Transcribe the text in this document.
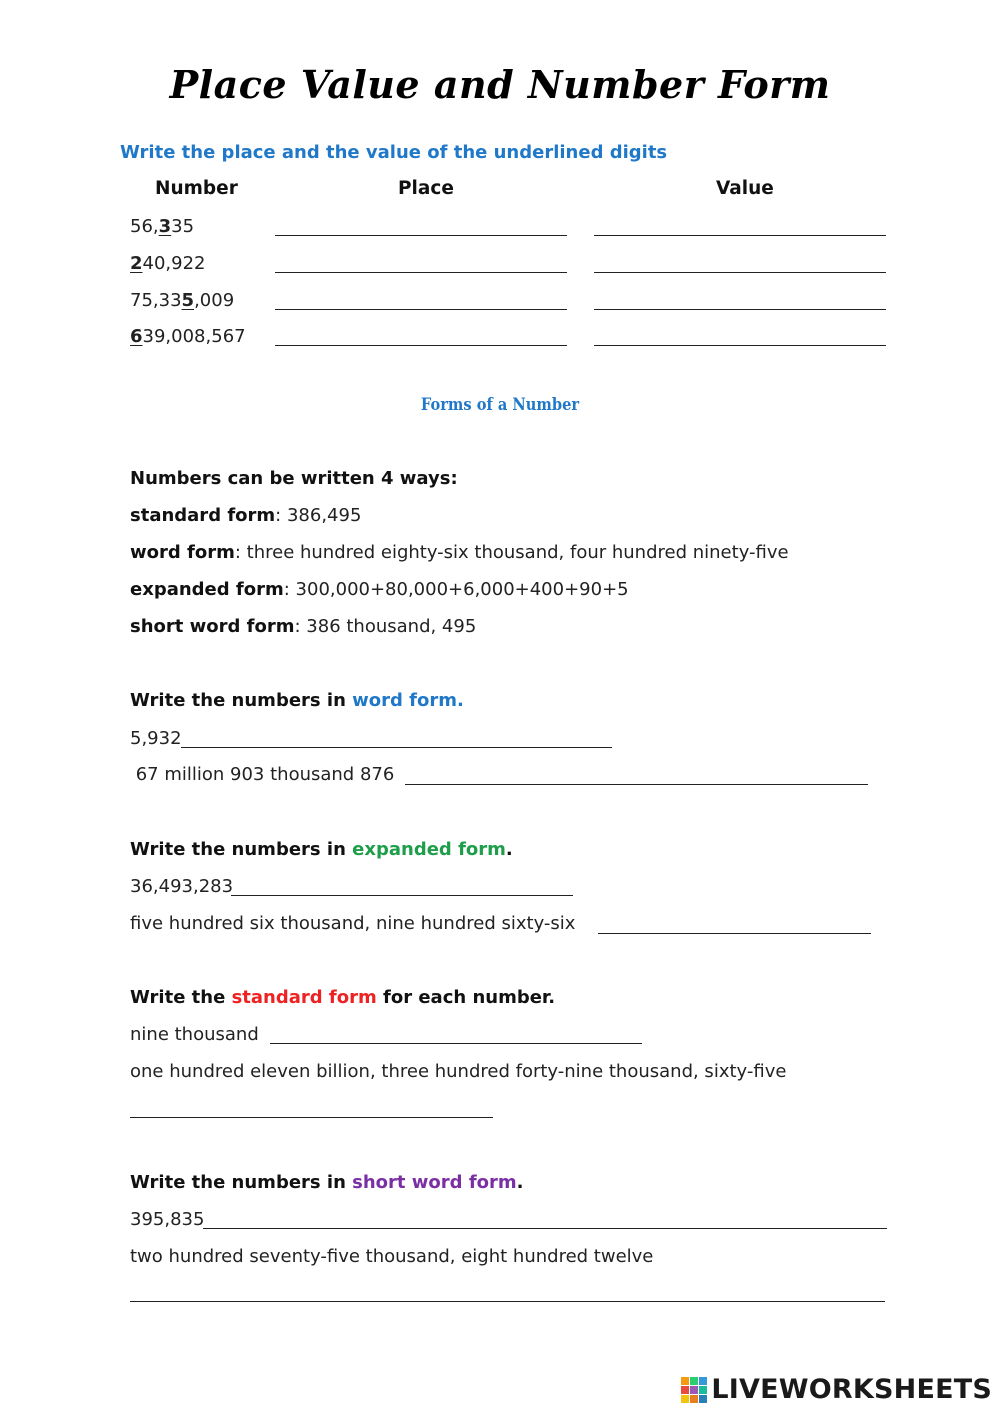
Place Value and Number Form
Write the place and the value of the underlined digits
Number	Place	Value
56,335
240,922
75,335,009
639,008,567
Forms of a Number
Numbers can be written 4 ways:
standard form: 386,495
word form: three hundred eighty-six thousand, four hundred ninety-five
expanded form: 300,000+80,000+6,000+400+90+5
short word form: 386 thousand, 495
Write the numbers in word form.
5,932
67 million 903 thousand 876
Write the numbers in expanded form.
36,493,283
five hundred six thousand, nine hundred sixty-six
Write the standard form for each number.
nine thousand
one hundred eleven billion, three hundred forty-nine thousand, sixty-five
Write the numbers in short word form.
395,835
two hundred seventy-five thousand, eight hundred twelve
LIVEWORKSHEETS
